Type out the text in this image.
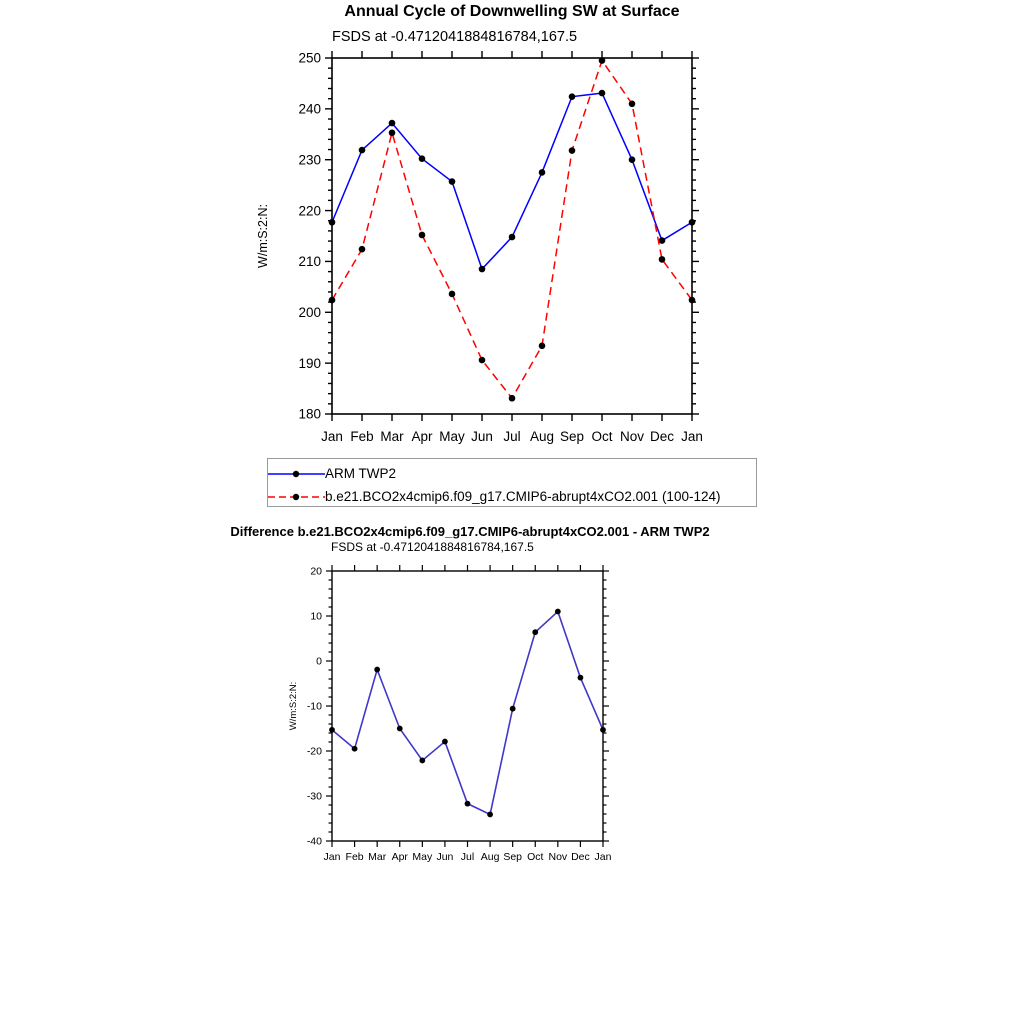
Annual Cycle of Downwelling SW at Surface
FSDS at -0.4712041884816784,167.5
Jan Feb Mar Apr May Jun Jul Aug Sep Oct Nov Dec Jan
180
190
200
210
220
230
240
250
W/m:S:2:N:
ARM TWP2
b.e21.BCO2x4cmip6.f09_g17.CMIP6-abrupt4xCO2.001 (100-124)
Difference b.e21.BCO2x4cmip6.f09_g17.CMIP6-abrupt4xCO2.001 - ARM TWP2
FSDS at -0.4712041884816784,167.5
Jan Feb Mar Apr May Jun Jul Aug Sep Oct Nov Dec Jan
-40
-30
-20
-10
0
10
20
W/m:S:2:N:
